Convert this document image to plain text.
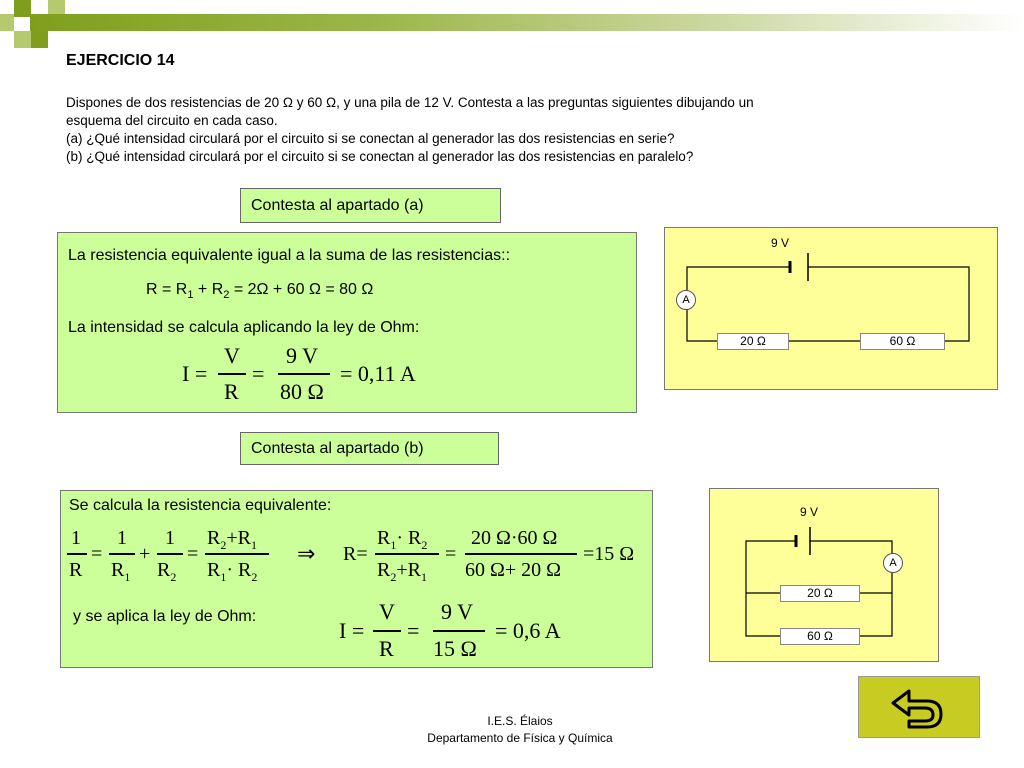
EJERCICIO 14
Dispones de dos resistencias de 20 Ω y 60 Ω, y una pila de 12 V. Contesta a las preguntas siguientes dibujando un
esquema del circuito en cada caso.
(a) ¿Qué intensidad circulará por el circuito si se conectan al generador las dos resistencias en serie?
(b) ¿Qué intensidad circulará por el circuito si se conectan al generador las dos resistencias en paralelo?
Contesta al apartado (a)
La resistencia equivalente igual a la suma de las resistencias::
$R = R_1 + R_2 = 2\Omega + 60$ Ω = 80 Ω
La intensidad se calcula aplicando la ley de Ohm:
I =
V
R
=
9 V
80 Ω
= 0,11 A
9 V
A
20 Ω	60 Ω
Contesta al apartado (b)
Se calcula la resistencia equivalente:
1
R
=
1
$R_1$
+
1
$R_2$
=
$R_2+R_1$
$R_1\cdot R_2$
⇒ R=
$R_1\cdot R_2$
$R_2+R_1$
=
20 Ω·60 Ω
60 Ω+ 20 Ω
=15 Ω
y se aplica la ley de Ohm:
I =
V
R
=
9 V
15 Ω
= 0,6 A
9 V
A
20 Ω
60 Ω
I.E.S. Élaios
Departamento de Física y Química
